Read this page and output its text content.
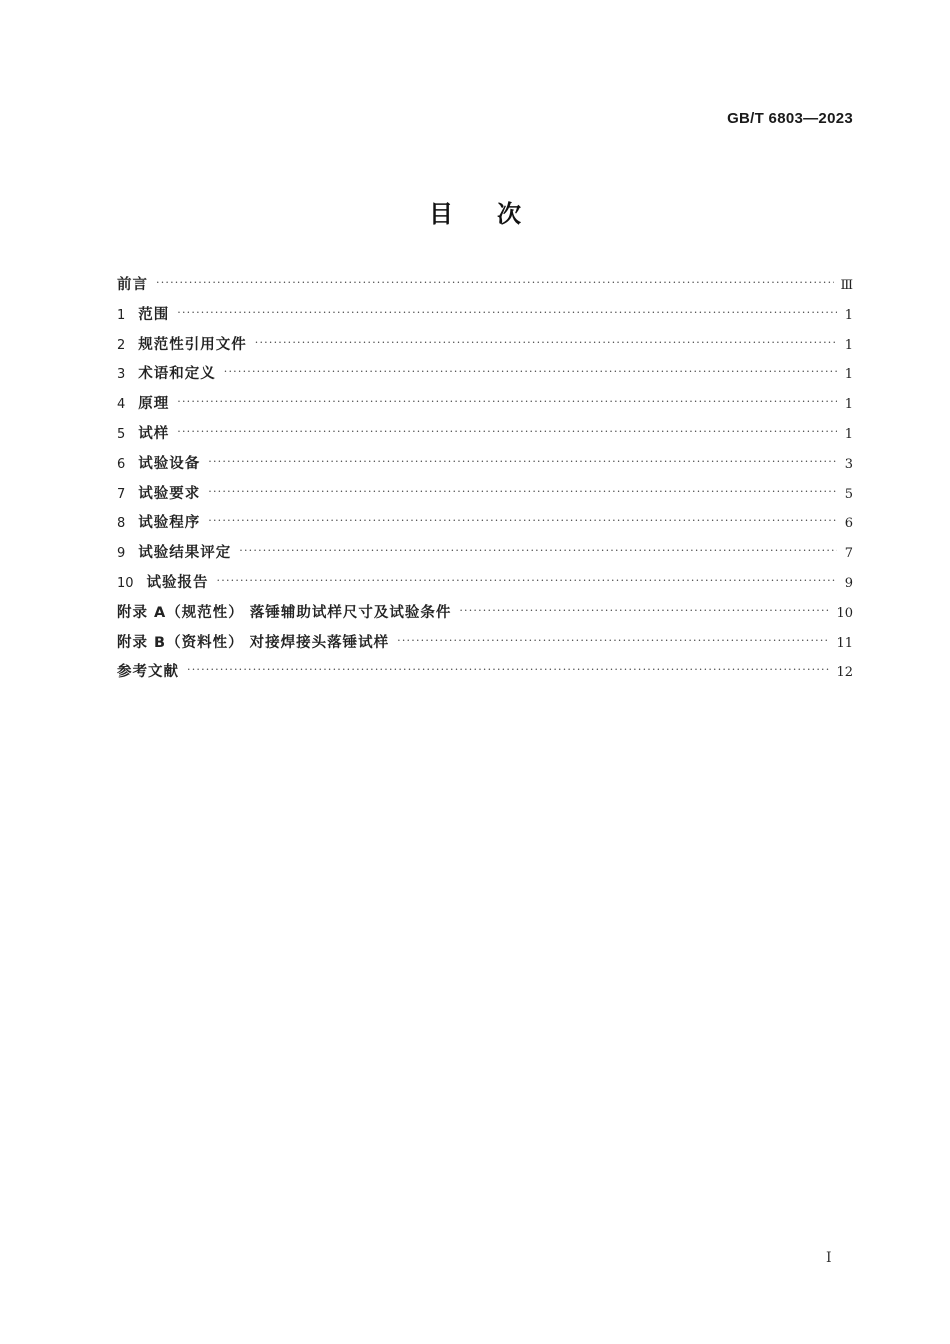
GB/T 6803—2023
目次
前言 ·····	Ⅲ
1 范围 ·····	1
2 规范性引用文件 ·····	1
3 术语和定义 ·····	1
4 原理 ·····	1
5 试样 ·····	1
6 试验设备 ·····	3
7 试验要求 ·····	5
8 试验程序 ·····	6
9 试验结果评定 ·····	7
10 试验报告 ·····	9
附录 A（规范性） 落锤辅助试样尺寸及试验条件 ·····	10
附录 B（资料性） 对接焊接头落锤试样 ·····	11
参考文献 ·····	12
I
